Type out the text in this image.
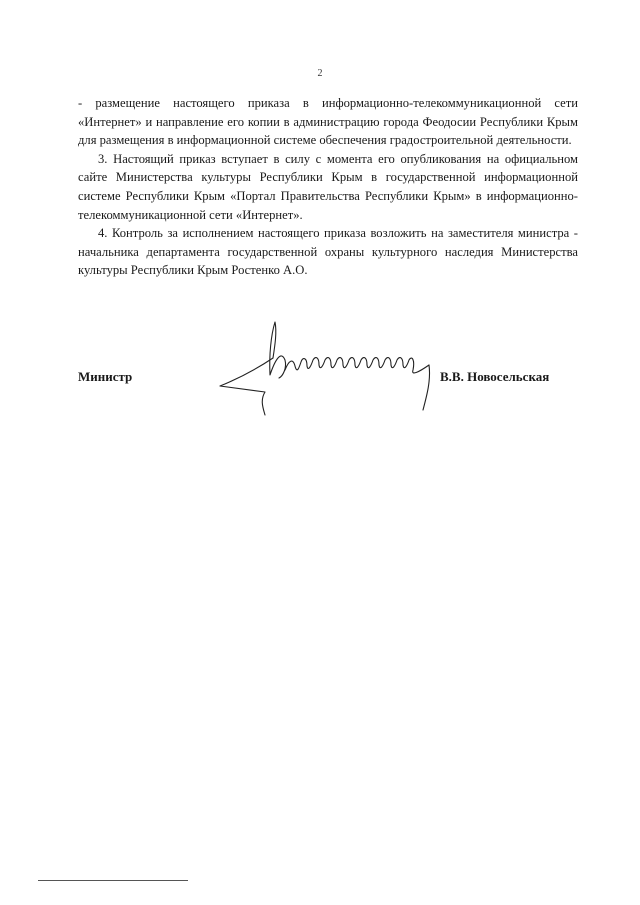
2

- размещение настоящего приказа в информационно-телекоммуникационной сети «Интернет» и направление его копии в администрацию города Феодосии Республики Крым для размещения в информационной системе обеспечения градостроительной деятельности.

3. Настоящий приказ вступает в силу с момента его опубликования на официальном сайте Министерства культуры Республики Крым в государственной информационной системе Республики Крым «Портал Правительства Республики Крым» в информационно-телекоммуникационной сети «Интернет».

4. Контроль за исполнением настоящего приказа возложить на заместителя министра - начальника департамента государственной охраны культурного наследия Министерства культуры Республики Крым Ростенко А.О.

Министр	В.В. Новосельская
